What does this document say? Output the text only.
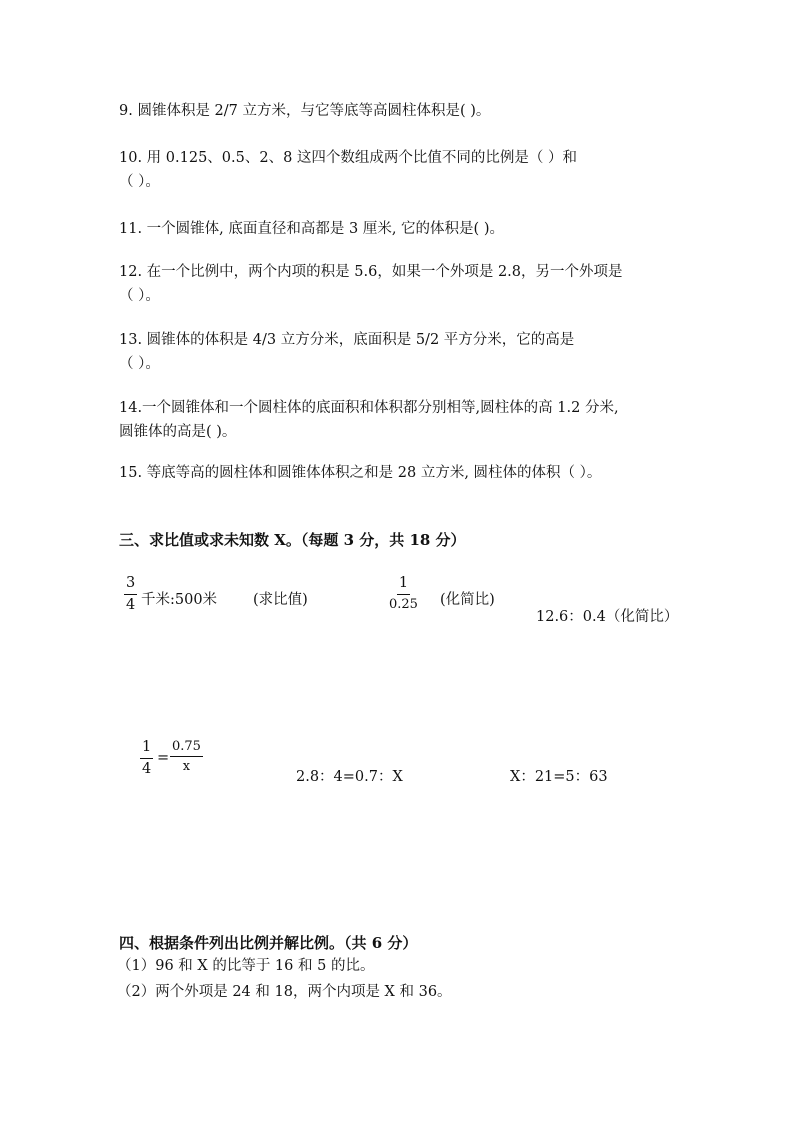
9. 圆锥体积是 2/7 立方米，与它等底等高圆柱体积是( )。
10. 用 0.125、0.5、2、8 这四个数组成两个比值不同的比例是（ ）和
（ ）。
11. 一个圆锥体, 底面直径和高都是 3 厘米, 它的体积是( )。
12. 在一个比例中，两个内项的积是 5.6，如果一个外项是 2.8，另一个外项是
（ ）。
13. 圆锥体的体积是 4/3 立方分米，底面积是 5/2 平方分米，它的高是
（ ）。
14.一个圆锥体和一个圆柱体的底面积和体积都分别相等,圆柱体的高 1.2 分米,
圆锥体的高是( )。
15. 等底等高的圆柱体和圆锥体体积之和是 28 立方米, 圆柱体的体积（ ）。
三、求比值或求未知数 X。（每题 3 分，共 18 分）
$\frac{3}{4}$ 千米:500米 (求比值)	$\frac{1}{0.25}$ (化简比)
12.6：0.4（化简比）
$\frac{1}{4} = \frac{0.75}{x}$
2.8：4=0.7：X	X：21=5：63
四、根据条件列出比例并解比例。（共 6 分）
（1）96 和 X 的比等于 16 和 5 的比。
（2）两个外项是 24 和 18，两个内项是 X 和 36。
